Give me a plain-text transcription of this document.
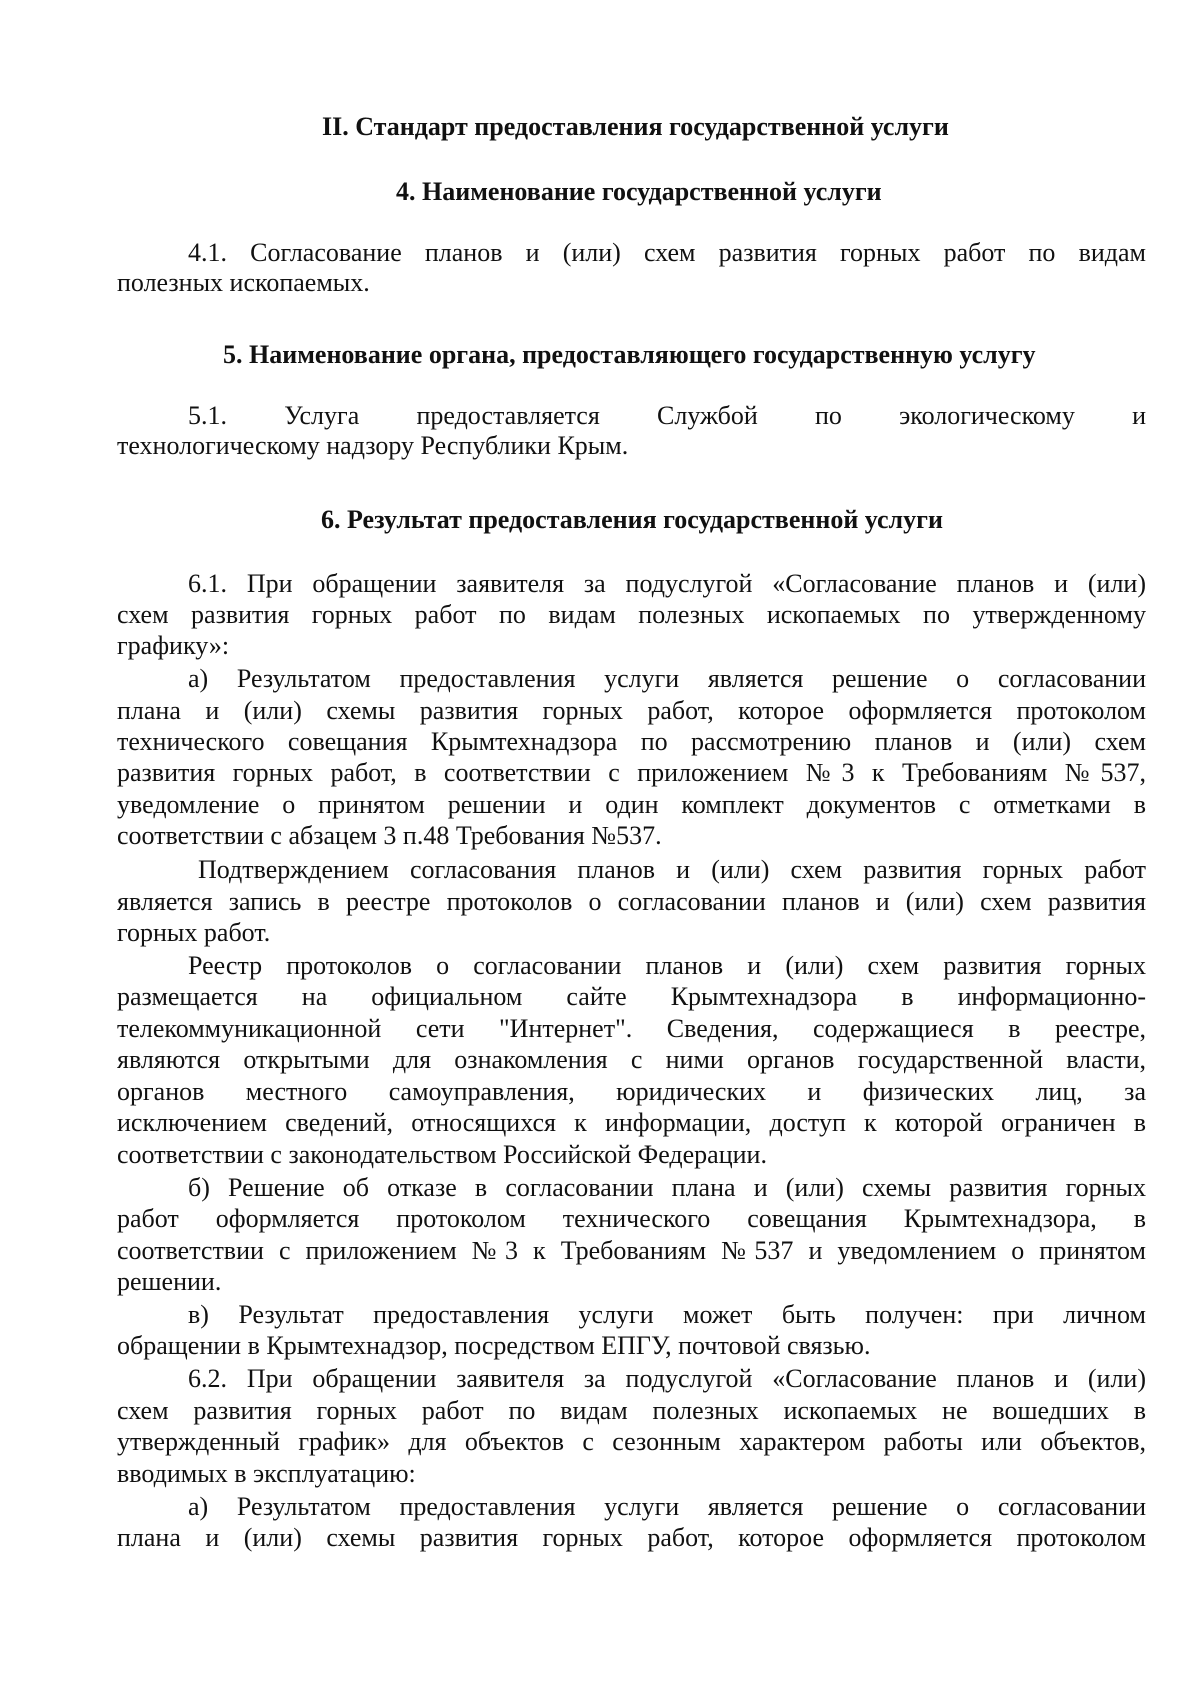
II. Стандарт предоставления государственной услуги
4. Наименование государственной услуги
4.1. Согласование планов и (или) схем развития горных работ по видам
полезных ископаемых.
5. Наименование органа, предоставляющего государственную услугу
5.1. Услуга предоставляется Службой по экологическому и
технологическому надзору Республики Крым.
6. Результат предоставления государственной услуги
6.1. При обращении заявителя за подуслугой «Согласование планов и (или)
схем развития горных работ по видам полезных ископаемых по утвержденному
графику»:
а) Результатом предоставления услуги является решение о согласовании
плана и (или) схемы развития горных работ, которое оформляется протоколом
технического совещания Крымтехнадзора по рассмотрению планов и (или) схем
развития горных работ, в соответствии с приложением №3 к Требованиям №537,
уведомление о принятом решении и один комплект документов с отметками в
соответствии с абзацем 3 п.48 Требования №537.
Подтверждением согласования планов и (или) схем развития горных работ
является запись в реестре протоколов о согласовании планов и (или) схем развития
горных работ.
Реестр протоколов о согласовании планов и (или) схем развития горных
размещается на официальном сайте Крымтехнадзора в информационно-
телекоммуникационной сети "Интернет". Сведения, содержащиеся в реестре,
являются открытыми для ознакомления с ними органов государственной власти,
органов местного самоуправления, юридических и физических лиц, за
исключением сведений, относящихся к информации, доступ к которой ограничен в
соответствии с законодательством Российской Федерации.
б) Решение об отказе в согласовании плана и (или) схемы развития горных
работ оформляется протоколом технического совещания Крымтехнадзора, в
соответствии с приложением №3 к Требованиям №537 и уведомлением о принятом
решении.
в) Результат предоставления услуги может быть получен: при личном
обращении в Крымтехнадзор, посредством ЕПГУ, почтовой связью.
6.2. При обращении заявителя за подуслугой «Согласование планов и (или)
схем развития горных работ по видам полезных ископаемых не вошедших в
утвержденный график» для объектов с сезонным характером работы или объектов,
вводимых в эксплуатацию:
а) Результатом предоставления услуги является решение о согласовании
плана и (или) схемы развития горных работ, которое оформляется протоколом
